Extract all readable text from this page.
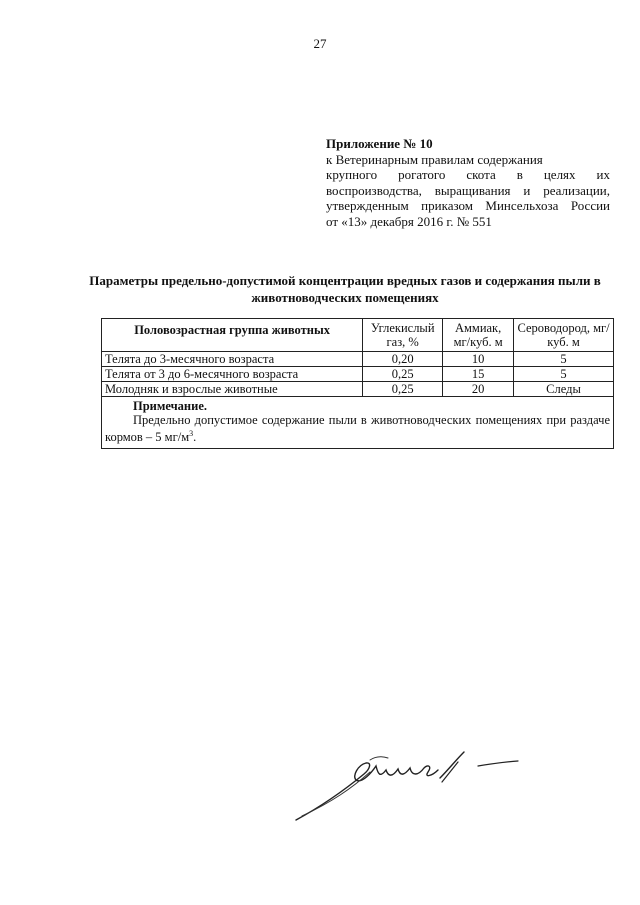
27
Приложение № 10
к Ветеринарным правилам содержания
крупного рогатого скота в целях их
воспроизводства, выращивания и реализации,
утвержденным приказом Минсельхоза России
от «13» декабря 2016 г. № 551
Параметры предельно-допустимой концентрации вредных газов и содержания пыли в
животноводческих помещениях
Половозрастная группа животных	Углекислый газ, %	Аммиак, мг/куб. м	Сероводород, мг/куб. м
Телята до 3-месячного возраста	0,20	10	5
Телята от 3 до 6-месячного возраста	0,25	15	5
Молодняк и взрослые животные	0,25	20	Следы

Примечание.
Предельно допустимое содержание пыли в животноводческих помещениях при раздаче кормов – 5 $мг/м^3$.			
